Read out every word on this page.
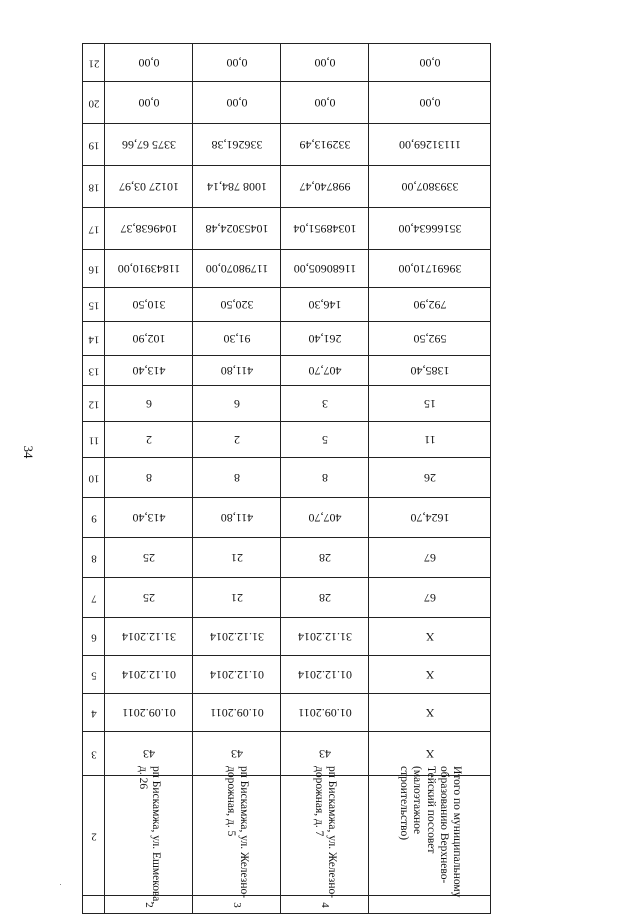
34
21	0,00	0,00	0,00	0,00

20	0,00	0,00	0,00	0,00

19	3375 67,66	336261,38	332913,49	11131269,00

18	10127 03,97	1008 784,14	998740,47	3393807,00

17	1049638,37	10453024,48	10348951,04	35166634,00

16	11843910,00	11798070,00	11680605,00	39691710,00

15	310,50	320,50	146,30	792,90

14	102,90	91,30	261,40	592,50

13	413,40	411,80	407,70	1385,40

12	6	6	3	15

11	2	2	5	11

10	8	8	8	26

9	413,40	411,80	407,70	1624,70

8	25	21	28	67

7	25	21	28	67

6	31.12.2014	31.12.2014	31.12.2014	X

5	01.12.2014	01.12.2014	01.12.2014	X

4	01.09.2011	01.09.2011	01.09.2011	X

3	43	43	43	X

2	рп Бискамжа, ул. Ешмекова, д. 26	рп Бискамжа, ул. Железно-дорожная, д. 5	рп Бискамжа, ул. Железно-дорожная, д. 7	Итого по муниципальному образованию Верхнево-Тейский поссовет (малоэтажное строительство)

	2	3	4	
